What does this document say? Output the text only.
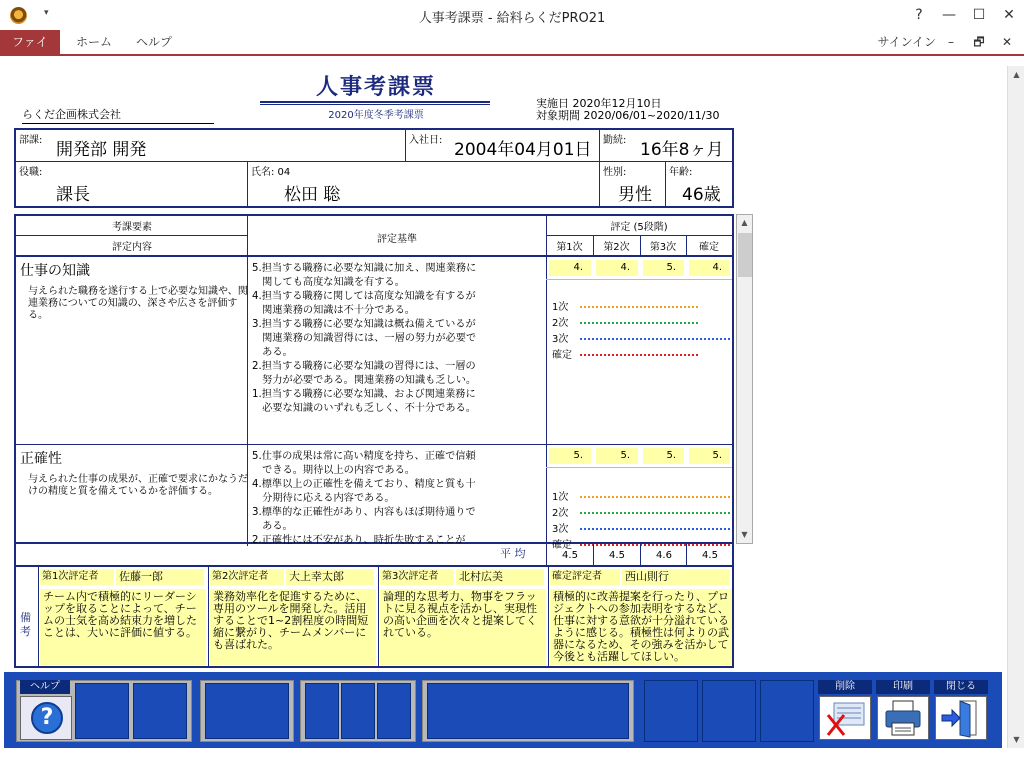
▾	人事考課票 - 給料らくだPRO21	?	—	☐	✕
ファイ	ホーム	ヘルプ	サインイン	–	🗗	✕
▲
▼
人事考課票
2020年度冬季考課票
らくだ企画株式会社
実施日 2020年12月10日
対象期間 2020/06/01~2020/11/30
部課: 開発部 開発	入社日: 2004年04月01日 勤続: 16年8ヶ月
役職:
課長
氏名: 04
松田 聡
性別:
男性
年齢:
46歳
考課要素
評定内容
評定基準
評定 (5段階)
第1次	第2次	第3次	確定
仕事の知識
与えられた職務を遂行する上で必要な知識や、関連業務についての知識の、深さや広さを評価する。
5.担当する職務に必要な知識に加え、関連業務に
　関しても高度な知識を有する。
4.担当する職務に関しては高度な知識を有するが
　関連業務の知識は不十分である。
3.担当する職務に必要な知識は概ね備えているが
　関連業務の知識習得には、一層の努力が必要で
　ある。
2.担当する職務に必要な知識の習得には、一層の
　努力が必要である。関連業務の知識も乏しい。
1.担当する職務に必要な知識、および関連業務に
　必要な知識のいずれも乏しく、不十分である。
4.	4.	5.	4.
1次
2次
3次
確定
正確性
与えられた仕事の成果が、正確で要求にかなうだけの精度と質を備えているかを評価する。
5.仕事の成果は常に高い精度を持ち、正確で信頼
　できる。期待以上の内容である。
4.標準以上の正確性を備えており、精度と質も十
　分期待に応える内容である。
3.標準的な正確性があり、内容もほぼ期待通りで
　ある。
2.正確性には不安があり、時折失敗することが
5.	5.	5.	5.
1次
2次
3次
確定
▲
▼
平 均	4.5	4.5	4.6	4.5
備考
第1次評定者	佐藤一郎
チーム内で積極的にリーダーシップを取ることによって、チームの士気を高め結束力を増したことは、大いに評価に値する。
第2次評定者	大上幸太郎
業務効率化を促進するために、専用のツールを開発した。活用することで1~2割程度の時間短縮に繋がり、チームメンバーにも喜ばれた。
第3次評定者	北村広美
論理的な思考力、物事をフラットに見る視点を活かし、実現性の高い企画を次々と提案してくれている。
確定評定者	西山則行
積極的に改善提案を行ったり、プロジェクトへの参加表明をするなど、仕事に対する意欲が十分溢れているように感じる。積極性は何よりの武器になるため、その強みを活かして今後とも活躍してほしい。
ヘルプ
?
削除	印刷	閉じる
